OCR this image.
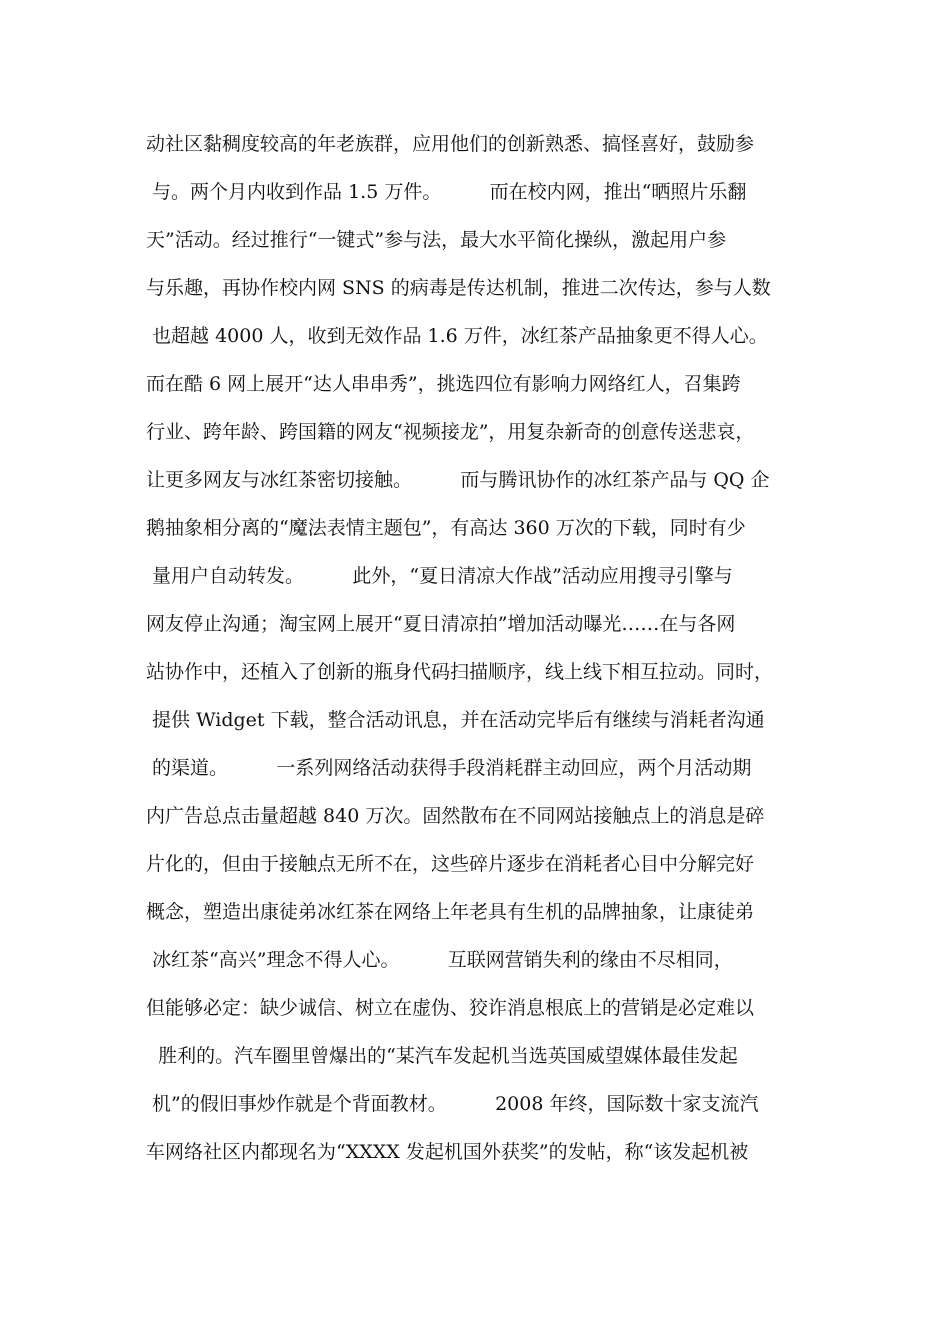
动社区黏稠度较高的年老族群，应用他们的创新熟悉、搞怪喜好，鼓励参
与。两个月内收到作品 1.5 万件。        而在校内网，推出“晒照片乐翻
天”活动。经过推行“一键式”参与法，最大水平简化操纵，激起用户参
与乐趣，再协作校内网 SNS 的病毒是传达机制，推进二次传达，参与人数
也超越 4000 人，收到无效作品 1.6 万件，冰红茶产品抽象更不得人心。
而在酷 6 网上展开“达人串串秀”，挑选四位有影响力网络红人，召集跨
行业、跨年龄、跨国籍的网友“视频接龙”，用复杂新奇的创意传送悲哀，
让更多网友与冰红茶密切接触。        而与腾讯协作的冰红茶产品与 QQ 企
鹅抽象相分离的“魔法表情主题包”，有高达 360 万次的下载，同时有少
量用户自动转发。        此外，“夏日清凉大作战”活动应用搜寻引擎与
网友停止沟通；淘宝网上展开“夏日清凉拍”增加活动曝光……在与各网
站协作中，还植入了创新的瓶身代码扫描顺序，线上线下相互拉动。同时，
提供 Widget 下载，整合活动讯息，并在活动完毕后有继续与消耗者沟通
的渠道。        一系列网络活动获得手段消耗群主动回应，两个月活动期
内广告总点击量超越 840 万次。固然散布在不同网站接触点上的消息是碎
片化的，但由于接触点无所不在，这些碎片逐步在消耗者心目中分解完好
概念，塑造出康徒弟冰红茶在网络上年老具有生机的品牌抽象，让康徒弟
冰红茶“高兴”理念不得人心。        互联网营销失利的缘由不尽相同，
但能够必定：缺少诚信、树立在虚伪、狡诈消息根底上的营销是必定难以
胜利的。汽车圈里曾爆出的“某汽车发起机当选英国威望媒体最佳发起
机”的假旧事炒作就是个背面教材。        2008 年终，国际数十家支流汽
车网络社区内都现名为“XXXX 发起机国外获奖”的发帖，称“该发起机被
